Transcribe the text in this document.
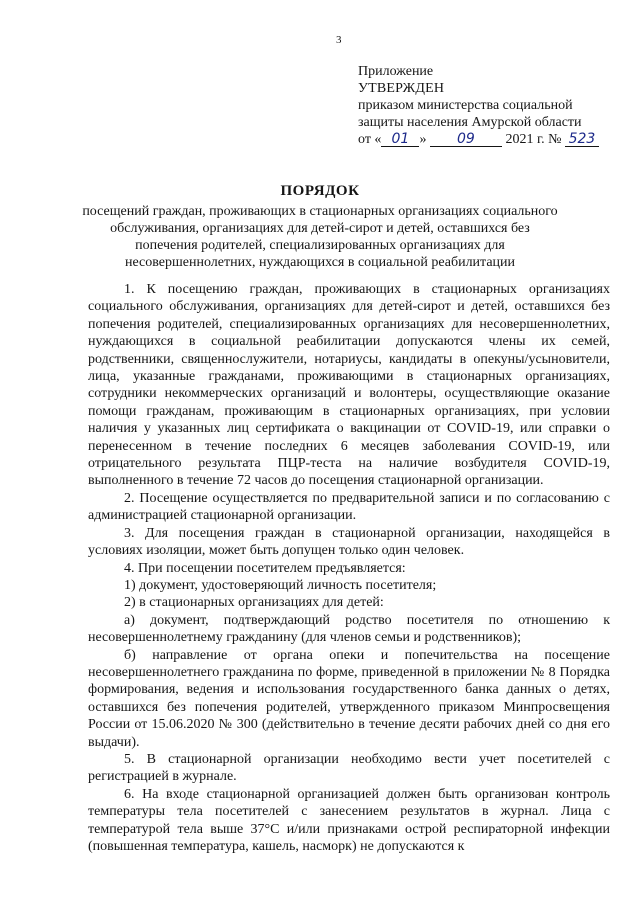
3
Приложение
УТВЕРЖДЕН
приказом министерства социальной
защиты населения Амурской области
от « 01 » 09 2021 г. № 523
ПОРЯДОК
посещений граждан, проживающих в стационарных организациях социального обслуживания, организациях для детей-сирот и детей, оставшихся без попечения родителей, специализированных организациях для несовершеннолетних, нуждающихся в социальной реабилитации

1. К посещению граждан, проживающих в стационарных организациях социального обслуживания, организациях для детей-сирот и детей, оставшихся без попечения родителей, специализированных организациях для несовершеннолетних, нуждающихся в социальной реабилитации допускаются члены их семей, родственники, священнослужители, нотариусы, кандидаты в опекуны/усыновители, лица, указанные гражданами, проживающими в стационарных организациях, сотрудники некоммерческих организаций и волонтеры, осуществляющие оказание помощи гражданам, проживающим в стационарных организациях, при условии наличия у указанных лиц сертификата о вакцинации от COVID-19, или справки о перенесенном в течение последних 6 месяцев заболевания COVID-19, или отрицательного результата ПЦР-теста на наличие возбудителя COVID-19, выполненного в течение 72 часов до посещения стационарной организации.

2. Посещение осуществляется по предварительной записи и по согласованию с администрацией стационарной организации.

3. Для посещения граждан в стационарной организации, находящейся в условиях изоляции, может быть допущен только один человек.

4. При посещении посетителем предъявляется:

1) документ, удостоверяющий личность посетителя;

2) в стационарных организациях для детей:

а) документ, подтверждающий родство посетителя по отношению к несовершеннолетнему гражданину (для членов семьи и родственников);

б) направление от органа опеки и попечительства на посещение несовершеннолетнего гражданина по форме, приведенной в приложении № 8 Порядка формирования, ведения и использования государственного банка данных о детях, оставшихся без попечения родителей, утвержденного приказом Минпросвещения России от 15.06.2020 № 300 (действительно в течение десяти рабочих дней со дня его выдачи).

5. В стационарной организации необходимо вести учет посетителей с регистрацией в журнале.

6. На входе стационарной организацией должен быть организован контроль температуры тела посетителей с занесением результатов в журнал. Лица с температурой тела выше 37°С и/или признаками острой респираторной инфекции (повышенная температура, кашель, насморк) не допускаются к
